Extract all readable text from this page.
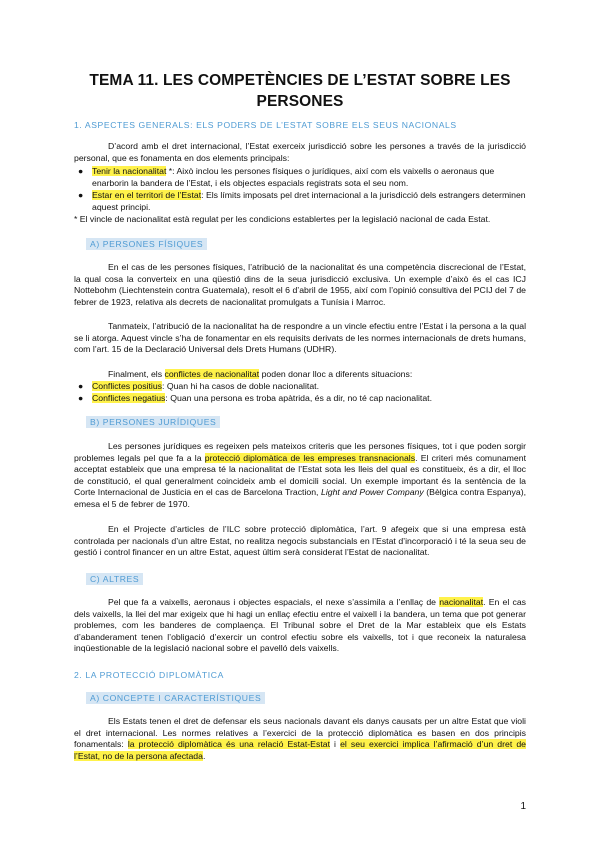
TEMA 11. LES COMPETÈNCIES DE L’ESTAT SOBRE LES PERSONES
1. ASPECTES GENERALS: ELS PODERS DE L’ESTAT SOBRE ELS SEUS NACIONALS
D’acord amb el dret internacional, l’Estat exerceix jurisdicció sobre les persones a través de la jurisdicció personal, que es fonamenta en dos elements principals:
● Tenir la nacionalitat *: Això inclou les persones físiques o jurídiques, així com els vaixells o aeronaus que enarborin la bandera de l’Estat, i els objectes espacials registrats sota el seu nom.
● Estar en el territori de l’Estat: Els límits imposats pel dret internacional a la jurisdicció dels estrangers determinen aquest principi.
* El vincle de nacionalitat està regulat per les condicions establertes per la legislació nacional de cada Estat.
A) PERSONES FÍSIQUES
En el cas de les persones físiques, l’atribució de la nacionalitat és una competència discrecional de l’Estat, la qual cosa la converteix en una qüestió dins de la seua jurisdicció exclusiva. Un exemple d’això és el cas ICJ Nottebohm (Liechtenstein contra Guatemala), resolt el 6 d’abril de 1955, així com l’opinió consultiva del PCIJ del 7 de febrer de 1923, relativa als decrets de nacionalitat promulgats a Tunísia i Marroc.
Tanmateix, l’atribució de la nacionalitat ha de respondre a un vincle efectiu entre l’Estat i la persona a la qual se li atorga. Aquest vincle s’ha de fonamentar en els requisits derivats de les normes internacionals de drets humans, com l’art. 15 de la Declaració Universal dels Drets Humans (UDHR).
Finalment, els conflictes de nacionalitat poden donar lloc a diferents situacions:
● Conflictes positius: Quan hi ha casos de doble nacionalitat.
● Conflictes negatius: Quan una persona es troba apàtrida, és a dir, no té cap nacionalitat.
B) PERSONES JURÍDIQUES
Les persones jurídiques es regeixen pels mateixos criteris que les persones físiques, tot i que poden sorgir problemes legals pel que fa a la protecció diplomàtica de les empreses transnacionals. El criteri més comunament acceptat estableix que una empresa té la nacionalitat de l’Estat sota les lleis del qual es constitueix, és a dir, el lloc de constitució, el qual generalment coincideix amb el domicili social. Un exemple important és la sentència de la Corte Internacional de Justicia en el cas de Barcelona Traction, Light and Power Company (Bèlgica contra Espanya), emesa el 5 de febrer de 1970.
En el Projecte d’articles de l’ILC sobre protecció diplomàtica, l’art. 9 afegeix que si una empresa està controlada per nacionals d’un altre Estat, no realitza negocis substancials en l’Estat d’incorporació i té la seua seu de gestió i control financer en un altre Estat, aquest últim serà considerat l’Estat de nacionalitat.
C) ALTRES
Pel que fa a vaixells, aeronaus i objectes espacials, el nexe s’assimila a l’enllaç de nacionalitat. En el cas dels vaixells, la llei del mar exigeix que hi hagi un enllaç efectiu entre el vaixell i la bandera, un tema que pot generar problemes, com les banderes de complaença. El Tribunal sobre el Dret de la Mar estableix que els Estats d’abanderament tenen l’obligació d’exercir un control efectiu sobre els vaixells, tot i que reconeix la naturalesa inqüestionable de la legislació nacional sobre el pavelló dels vaixells.
2. LA PROTECCIÓ DIPLOMÀTICA
A) CONCEPTE I CARACTERÍSTIQUES
Els Estats tenen el dret de defensar els seus nacionals davant els danys causats per un altre Estat que violi el dret internacional. Les normes relatives a l’exercici de la protecció diplomàtica es basen en dos principis fonamentals: la protecció diplomàtica és una relació Estat-Estat i el seu exercici implica l’afirmació d’un dret de l’Estat, no de la persona afectada.
1
